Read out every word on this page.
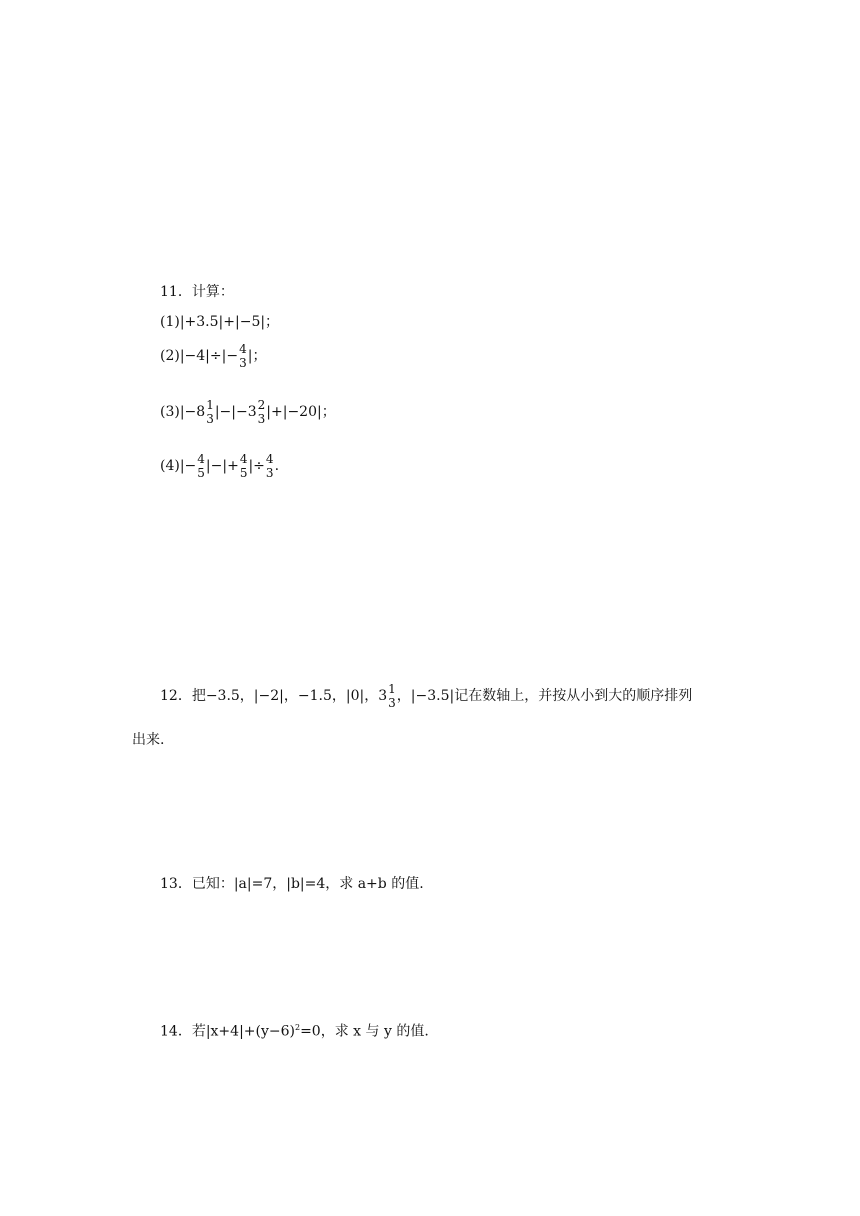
11．计算：
(1)|+3.5|+|−5|；
(2)|−4|÷|− 4
3 |；
(3)|−8 1
3 |−|−3 2
3 |+|−20|；
(4)|− 4
5 |−|+ 4
5 |÷ 4
3 .
12．把−3.5，|−2|，−1.5，|0|，3 1
3 ，|−3.5|记在数轴上，并按从小到大的顺序排列
出来.
13．已知：|a|=7，|b|=4，求 a+b 的值.
14．若$|x+4|+(y-6)^2=0$，求 x 与 y 的值.
